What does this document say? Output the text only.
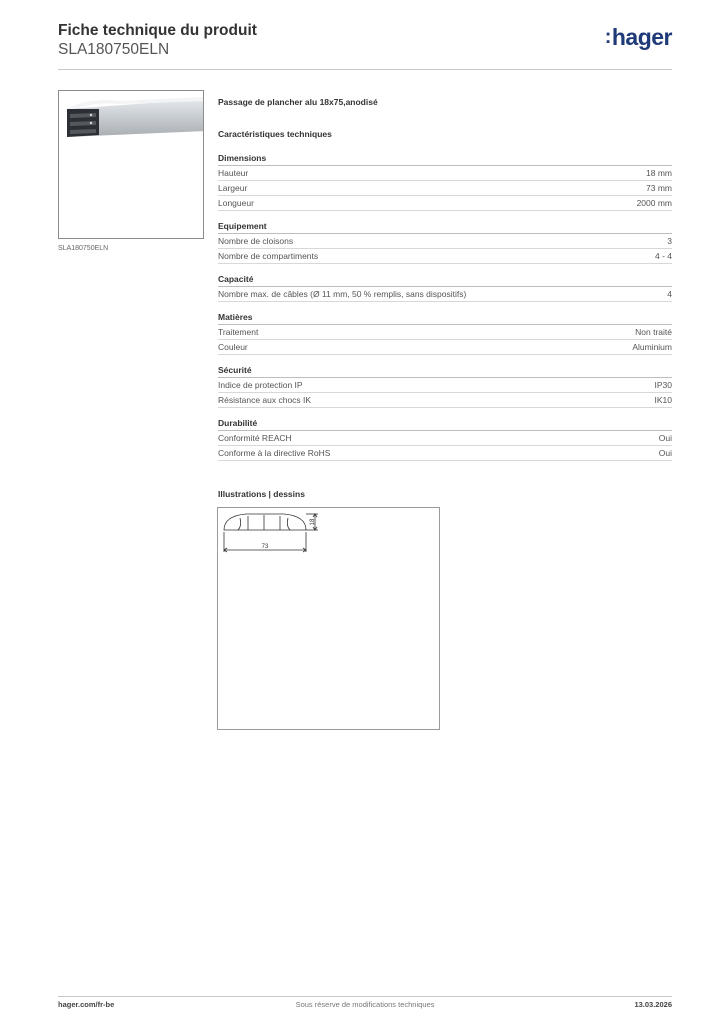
Fiche technique du produit
SLA180750ELN
:hager
SLA180750ELN
Passage de plancher alu 18x75,anodisé
Caractéristiques techniques
Dimensions
Hauteur	18 mm
Largeur	73 mm
Longueur	2000 mm
Equipement
Nombre de cloisons	3
Nombre de compartiments	4 - 4
Capacité
Nombre max. de câbles (Ø 11 mm, 50 % remplis, sans dispositifs)	4
Matières
Traitement	Non traité
Couleur	Aluminium
Sécurité
Indice de protection IP	IP30
Résistance aux chocs IK	IK10
Durabilité
Conformité REACH	Oui
Conforme à la directive RoHS	Oui
Illustrations | dessins
73
18
hager.com/fr-be	Sous réserve de modifications techniques	13.03.2026
